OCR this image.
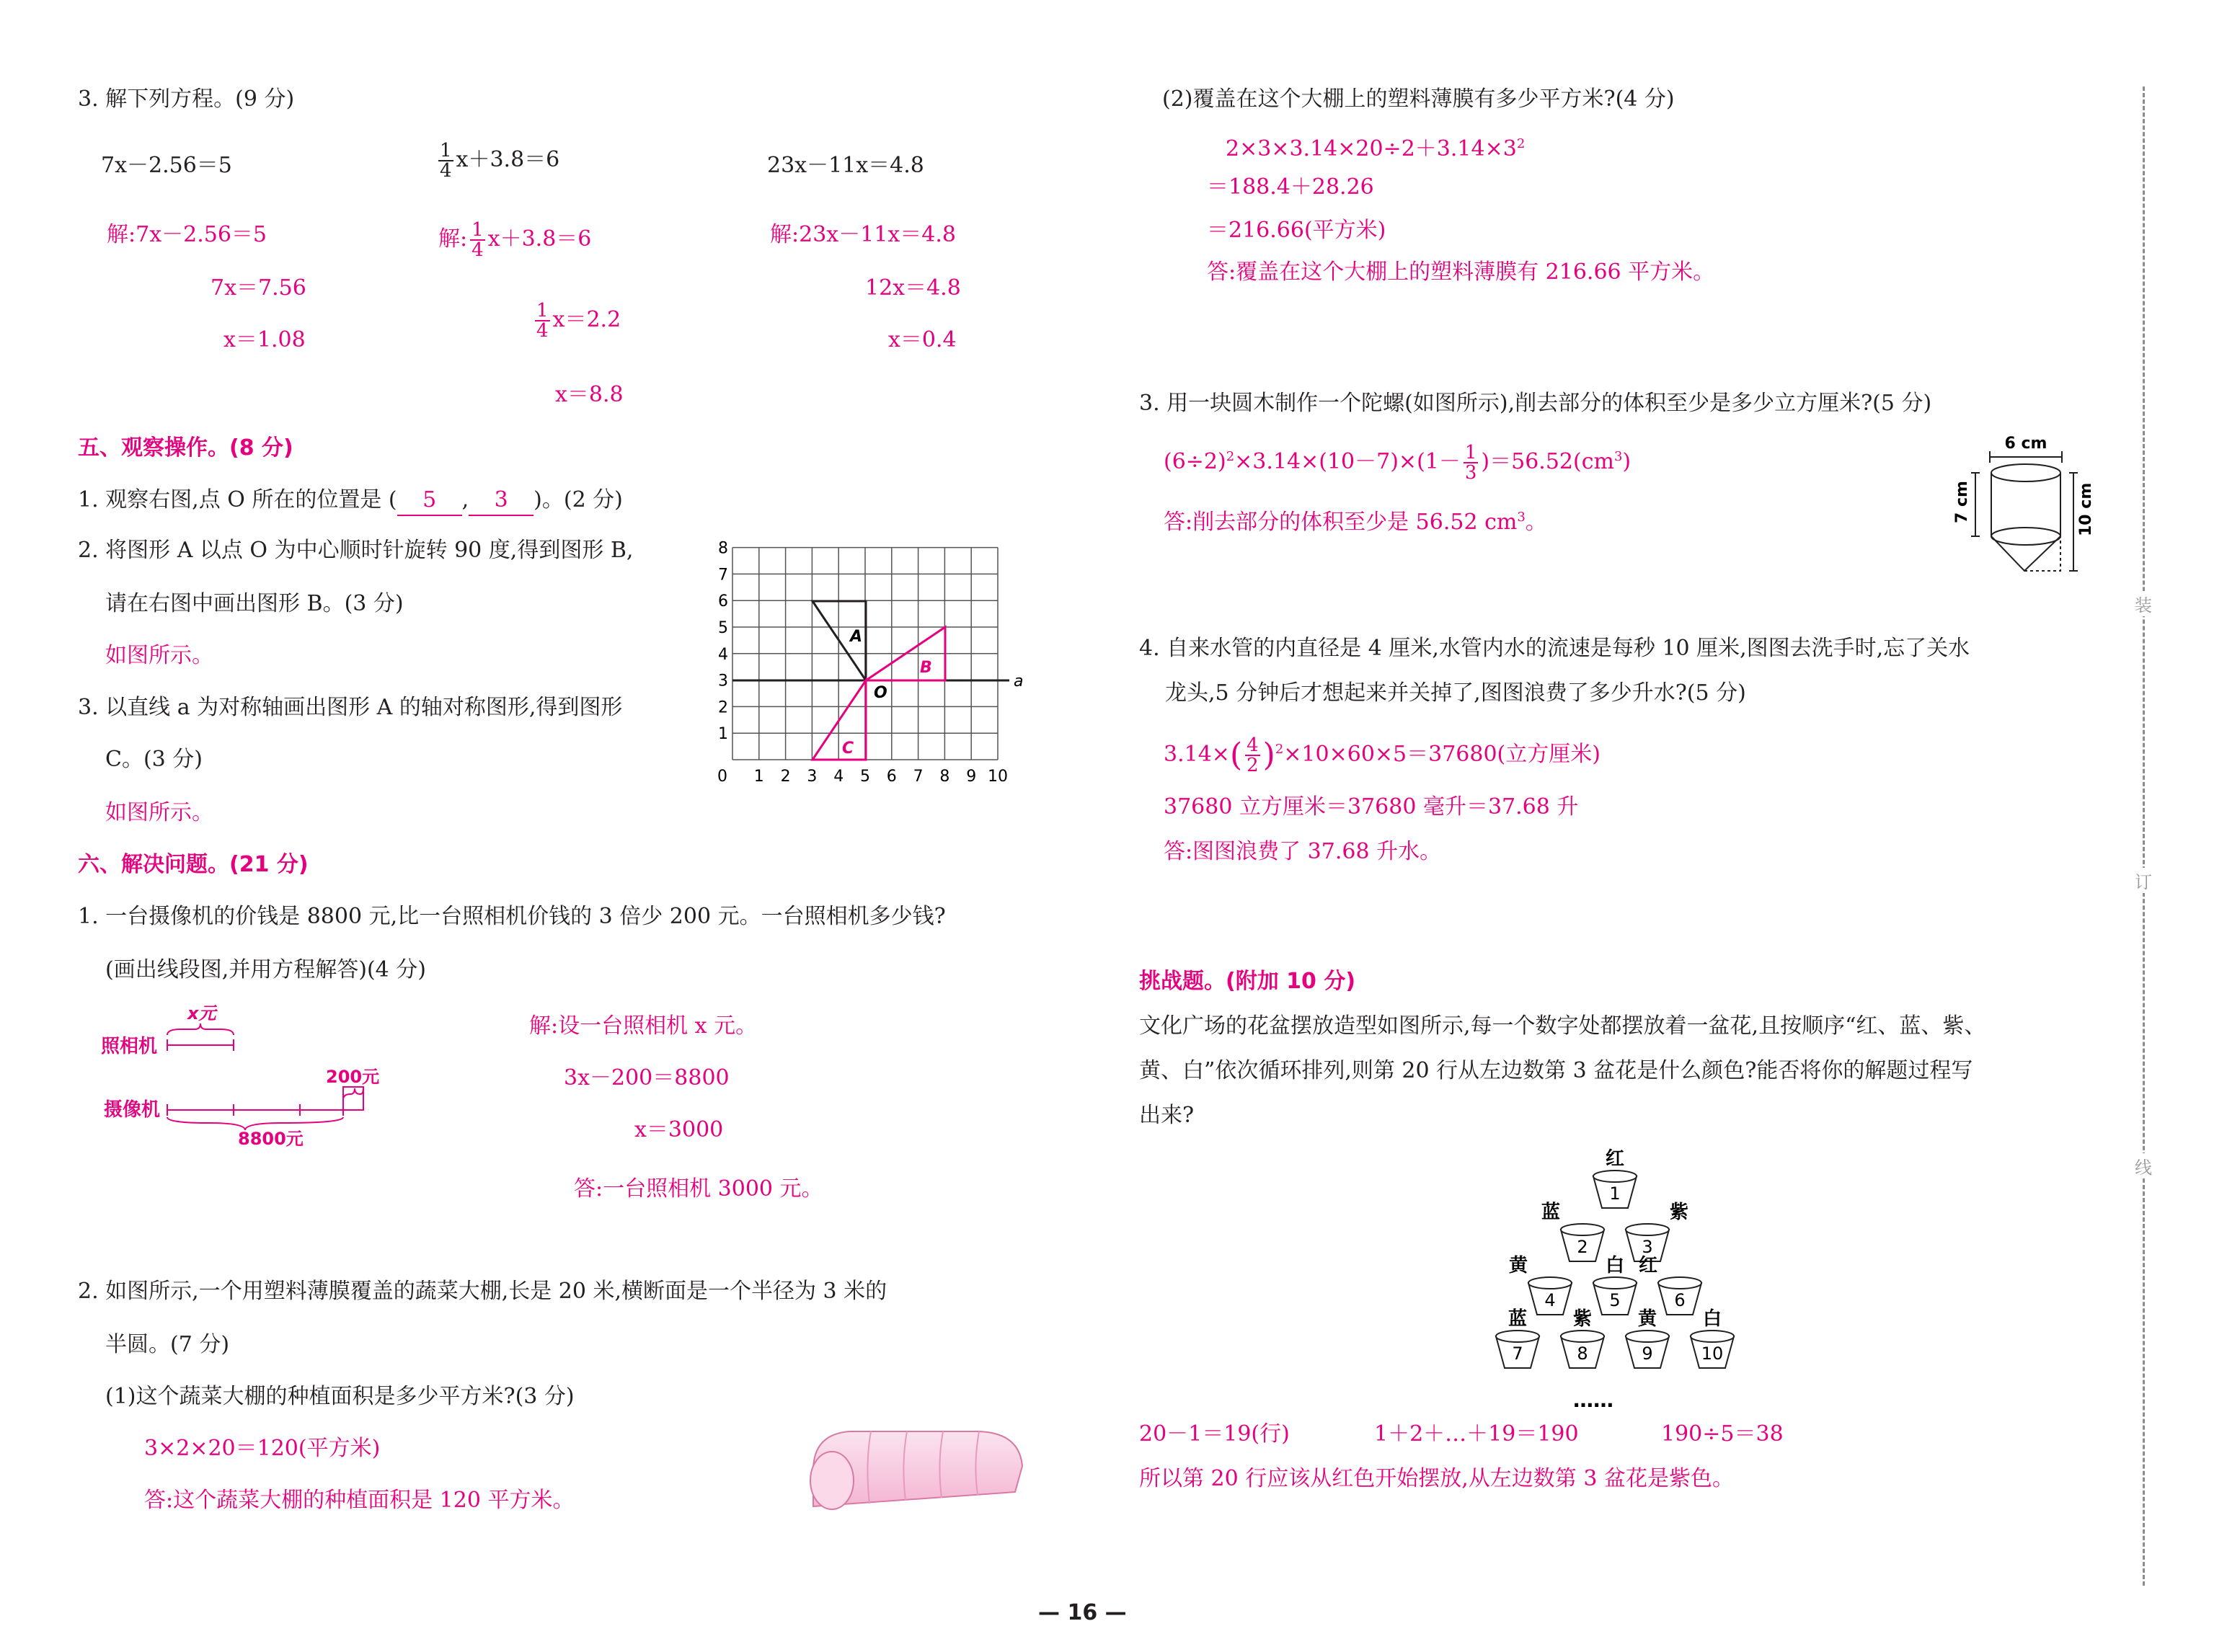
3. 解下列方程。(9 分)
7x－2.56＝5	$\frac{1}{4} x+3.8=6$	23x－11x＝4.8
解:7x－2.56＝5
7x＝7.56
x＝1.08
解: $\frac{1}{4} x+3.8=6$
$\frac{1}{4} x=2.2$
x＝8.8
解:23x－11x＝4.8
12x＝4.8
x＝0.4
五、观察操作。(8 分)
1. 观察右图,点 O 所在的位置是 ( 5 , 3 )。(2 分)
2. 将图形 A 以点 O 为中心顺时针旋转 90 度,得到图形 B,
请在右图中画出图形 B。(3 分)
如图所示。
3. 以直线 a 为对称轴画出图形 A 的轴对称图形,得到图形
C。(3 分)
如图所示。
a
0 1 2 3 4 5 6 7 8 9 10
1
2
3
4
5
6
7
8
A
B
C
O
六、解决问题。(21 分)
1. 一台摄像机的价钱是 8800 元,比一台照相机价钱的 3 倍少 200 元。一台照相机多少钱?
(画出线段图,并用方程解答)(4 分)
x元
照相机
200元
摄像机
8800元
解:设一台照相机 x 元。
3x－200＝8800
x＝3000
答:一台照相机 3000 元。
2. 如图所示,一个用塑料薄膜覆盖的蔬菜大棚,长是 20 米,横断面是一个半径为 3 米的
半圆。(7 分)
(1)这个蔬菜大棚的种植面积是多少平方米?(3 分)
3×2×20＝120(平方米)
答:这个蔬菜大棚的种植面积是 120 平方米。
(2)覆盖在这个大棚上的塑料薄膜有多少平方米?(4 分)
$2\times 3\times 3.14\times 20\div 2+3.14\times 3^2$
＝188.4＋28.26
＝216.66(平方米)
答:覆盖在这个大棚上的塑料薄膜有 216.66 平方米。
3. 用一块圆木制作一个陀螺(如图所示),削去部分的体积至少是多少立方厘米?(5 分)
$(6\div 2)^2\times 3.14\times(10-7)\times(1- \frac{1}{3} )=56.52(cm^3)$
答:削去部分的体积至少是 56.52 $cm^3$。
6 cm
7 cm	10 cm
4. 自来水管的内直径是 4 厘米,水管内水的流速是每秒 10 厘米,图图去洗手时,忘了关水
龙头,5 分钟后才想起来并关掉了,图图浪费了多少升水?(5 分)
$3.14\times( \frac{4}{2} )^2\times 10\times 60\times 5=37680$(立方厘米)
37680 立方厘米＝37680 毫升＝37.68 升
答:图图浪费了 37.68 升水。
挑战题。(附加 10 分)
文化广场的花盆摆放造型如图所示,每一个数字处都摆放着一盆花,且按顺序“红、蓝、紫、
黄、白”依次循环排列,则第 20 行从左边数第 3 盆花是什么颜色?能否将你的解题过程写
出来?
……
1
红
2
蓝
3
紫
4
黄
5
白
6
红
7
蓝
8
紫
9
黄
10
白
20－1＝19(行)	1＋2＋…＋19＝190	190÷5＝38
所以第 20 行应该从红色开始摆放,从左边数第 3 盆花是紫色。
— 16 —
装
订
线
